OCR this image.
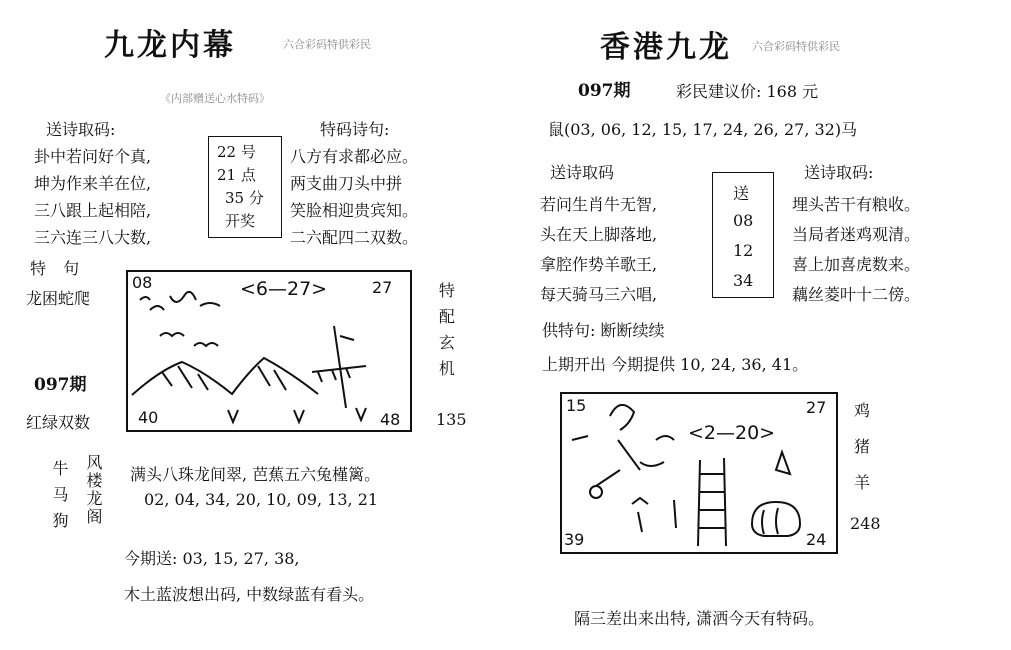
九龙内幕	六合彩码特供彩民
《内部赠送心水特码》
送诗取码:
卦中若问好个真,
坤为作来羊在位,
三八跟上起相陪,
三六连三八大数,
22 号
21 点
35 分
开奖
特码诗句:
八方有求都必应。
两支曲刀头中拼
笑脸相迎贵宾知。
二六配四二双数。
特 句
龙困蛇爬
097期
红绿双数
08	27
40	48
<6—27>	特配玄机
135
牛马狗 风楼龙阁 满头八珠龙间翠, 芭蕉五六兔槿篱。
02, 04, 34, 20, 10, 09, 13, 21
今期送: 03, 15, 27, 38,
木土蓝波想出码, 中数绿蓝有看头。
香港九龙 六合彩码特供彩民
097期	彩民建议价: 168 元
鼠(03, 06, 12, 15, 17, 24, 26, 27, 32)马
送诗取码
若问生肖牛无智,
头在天上脚落地,
拿腔作势羊歌王,
每天骑马三六唱,
送
08
12
34
送诗取码:
埋头苦干有粮收。
当局者迷鸡观清。
喜上加喜虎数来。
藕丝菱叶十二傍。
供特句: 断断续续
上期开出 今期提供 10, 24, 36, 41。
15	27
39	24
<2—20>
鸡
猪
羊
248
隔三差出来出特, 潇洒今天有特码。
